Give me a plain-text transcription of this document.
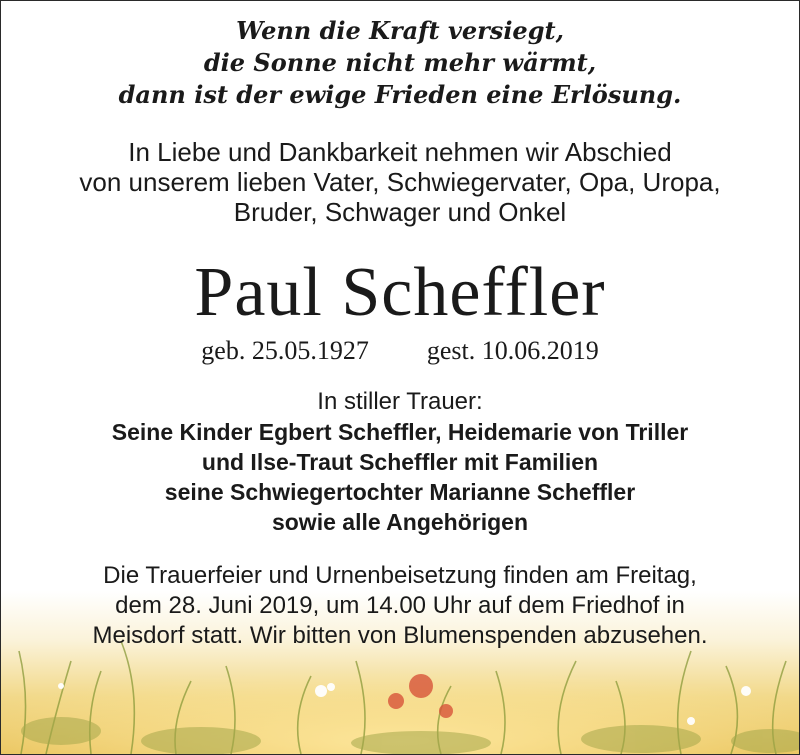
Wenn die Kraft versiegt,
die Sonne nicht mehr wärmt,
dann ist der ewige Frieden eine Erlösung.
In Liebe und Dankbarkeit nehmen wir Abschied
von unserem lieben Vater, Schwiegervater, Opa, Uropa,
Bruder, Schwager und Onkel
Paul Scheffler
geb. 25.05.1927 gest. 10.06.2019
In stiller Trauer:
Seine Kinder Egbert Scheffler, Heidemarie von Triller
und Ilse-Traut Scheffler mit Familien
seine Schwiegertochter Marianne Scheffler
sowie alle Angehörigen
Die Trauerfeier und Urnenbeisetzung finden am Freitag,
dem 28. Juni 2019, um 14.00 Uhr auf dem Friedhof in
Meisdorf statt. Wir bitten von Blumenspenden abzusehen.
